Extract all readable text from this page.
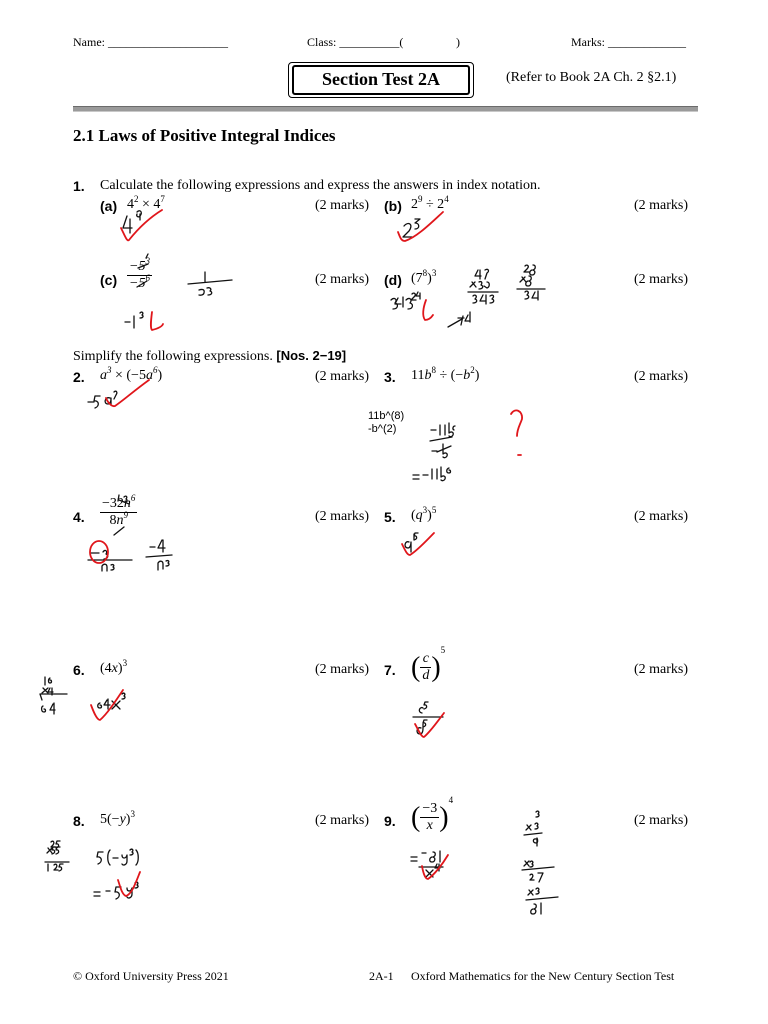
Name: ____________________	Class: __________(	)	Marks: _____________
Section Test 2A	(Refer to Book 2A Ch. 2 §2.1)
2.1 Laws of Positive Integral Indices
1. Calculate the following expressions and express the answers in index notation.
(a) $4^2 \times 4^7$	(2 marks) (b) $2^9 \div 2^4$	(2 marks)
$(c) \frac{-5^3}{-5^6}$	(2 marks) (d) $(7^8)^3$	(2 marks)
Simplify the following expressions. [Nos. 2−19]
2. $a^3 \times (-5a^6)$	(2 marks) 3. $11b^8 \div (-b^2)$	(2 marks)
11b^(8)
-b^(2)
4. $\frac{-32n^6}{8n^9}$	(2 marks) 5. $(q^3)^5$	(2 marks)
6. $(4x)^3$	(2 marks) 7. ( $\frac{c}{d} )^5$
(2 marks)
8. $5(-y)^3$	(2 marks) 9. ( $\frac{-3}{x} )^4$
(2 marks)
© Oxford University Press 2021	2A-1 Oxford Mathematics for the New Century Section Test
